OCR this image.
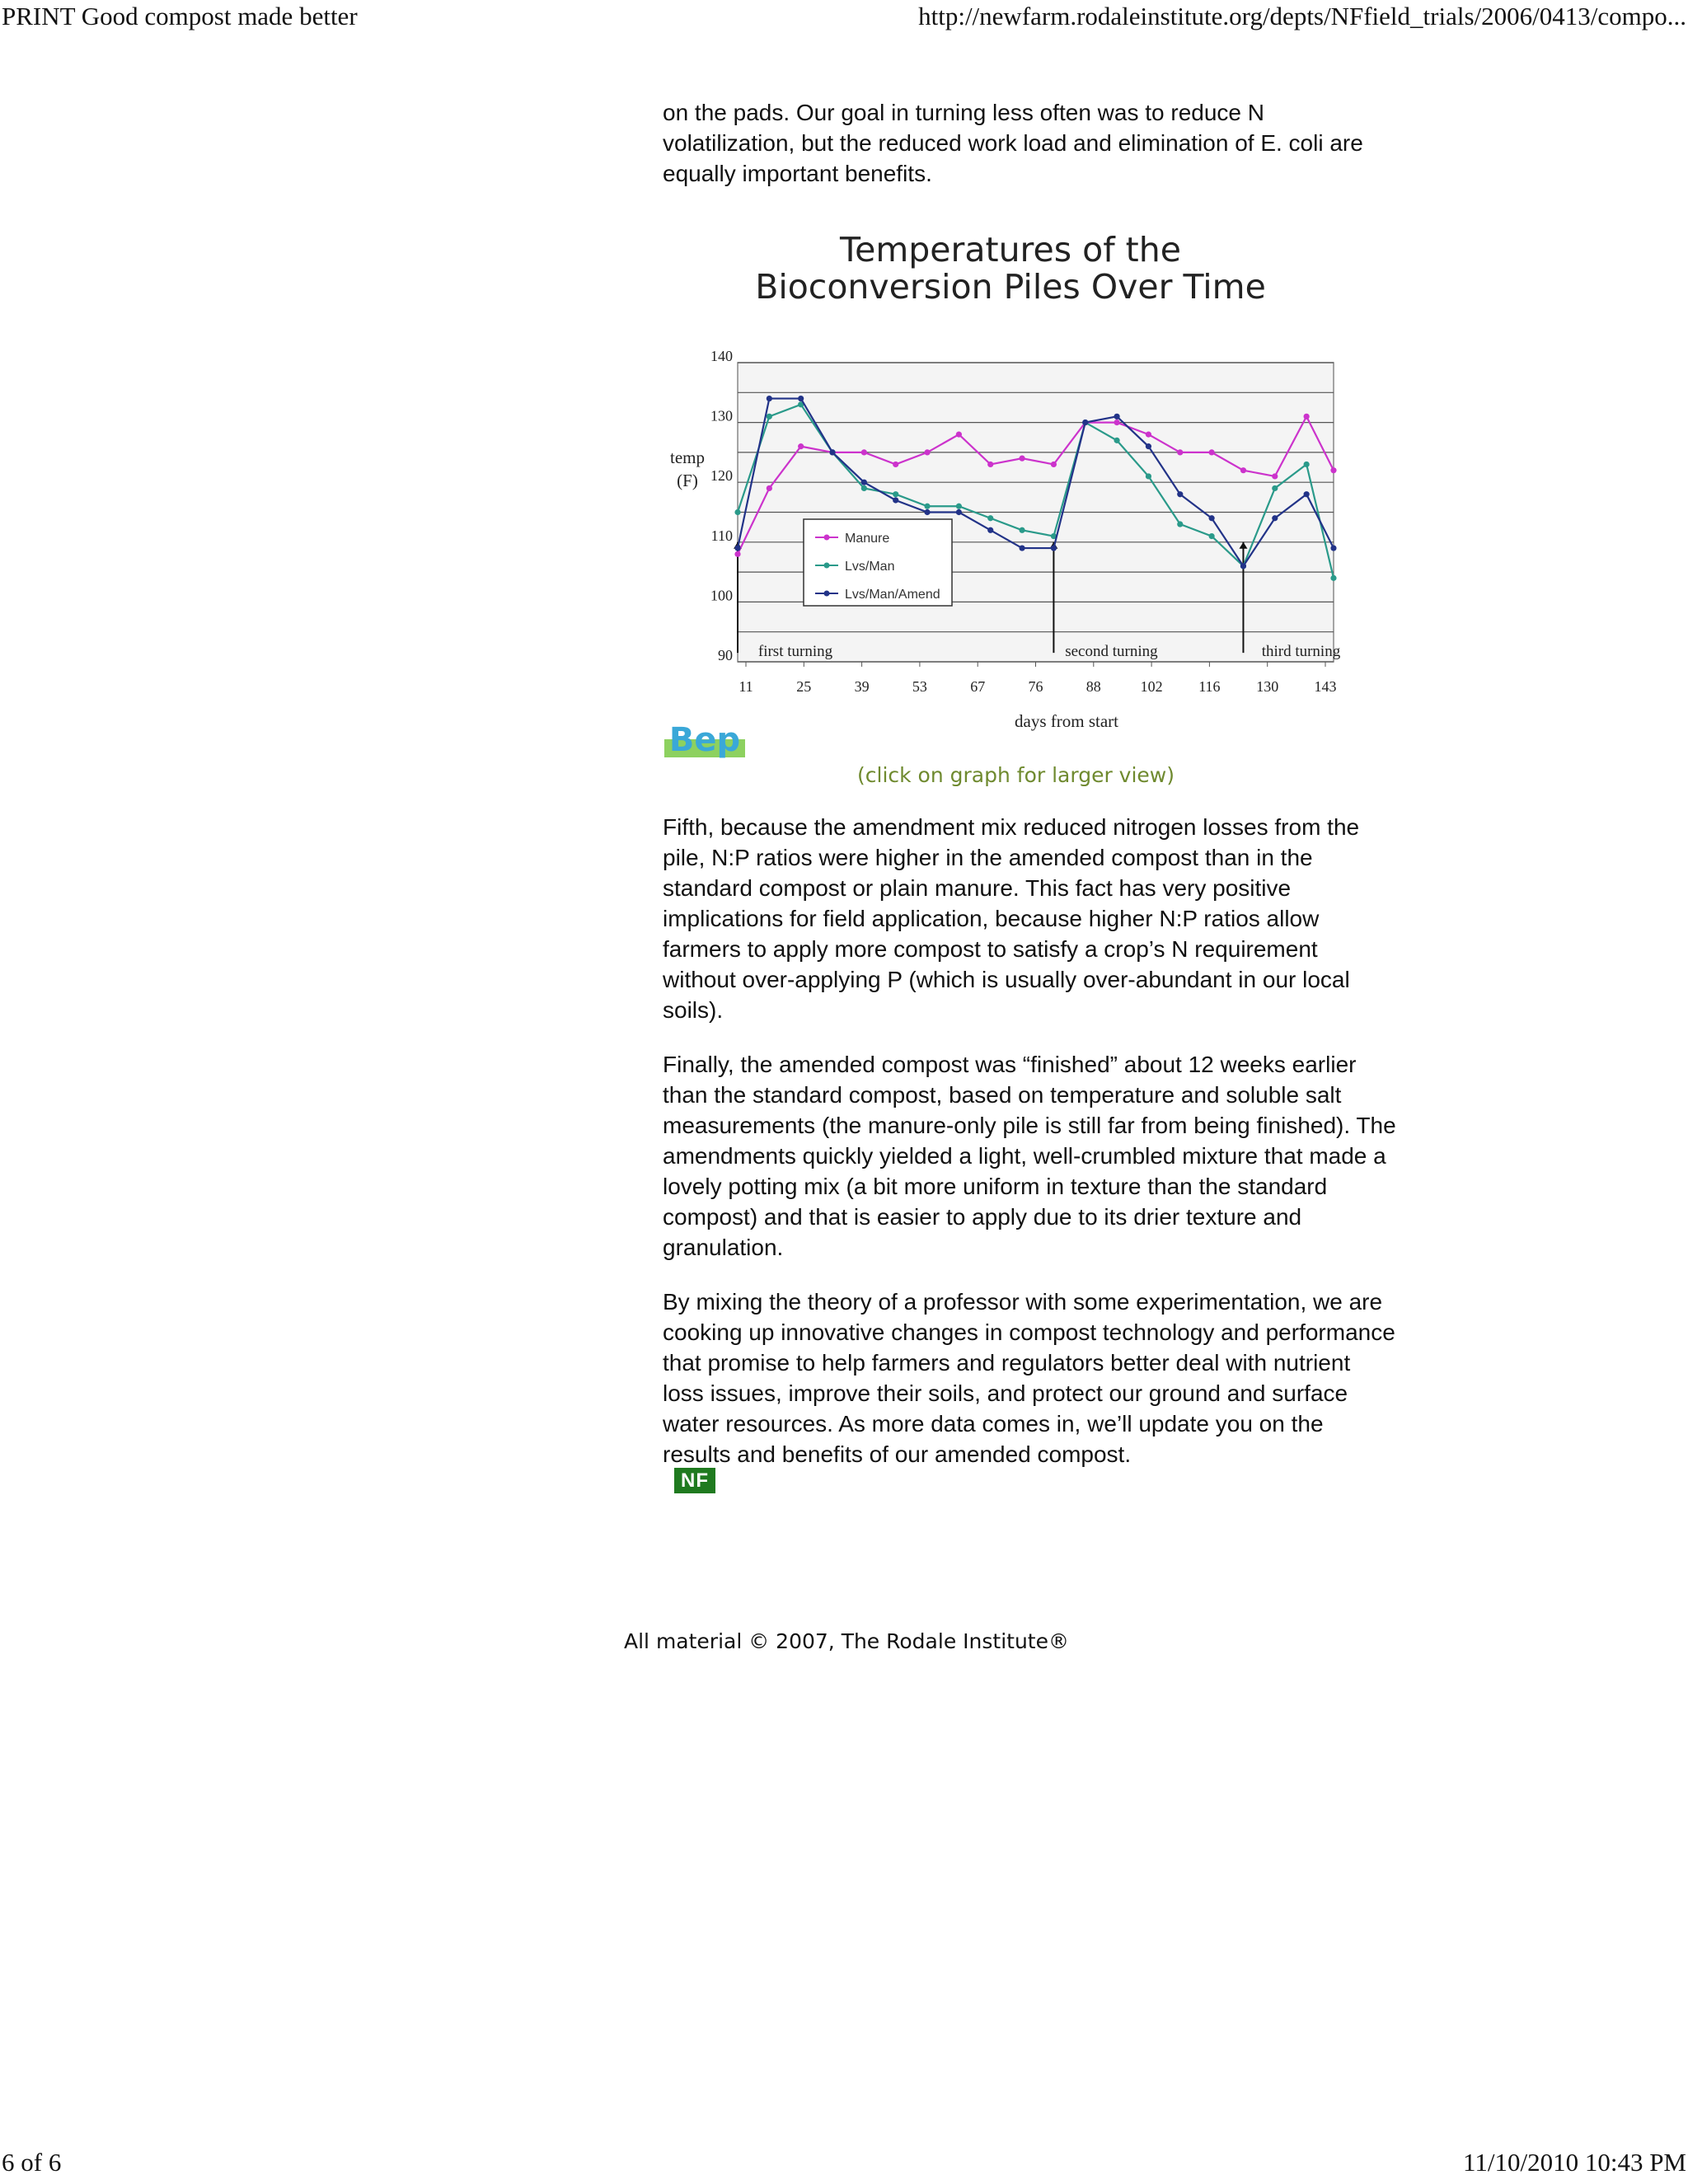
PRINT Good compost made better	http://newfarm.rodaleinstitute.org/depts/NFfield_trials/2006/0413/compo...

on the pads. Our goal in turning less often was to reduce N volatilization, but the reduced work load and elimination of E. coli are equally important benefits.

Temperatures of the
Bioconversion Piles Over Time
90
100
110
120
130
140
11	25	39	53	67	76	88	102 116 130 143
first turning	second turning	third turning
Manure
Lvs/Man
Lvs/Man/Amend
temp
(F)
days from start
Bep
(click on graph for larger view)

Fifth, because the amendment mix reduced nitrogen losses from the pile, N:P ratios were higher in the amended compost than in the standard compost or plain manure. This fact has very positive implications for field application, because higher N:P ratios allow farmers to apply more compost to satisfy a crop’s N requirement without over-applying P (which is usually over-abundant in our local soils).

Finally, the amended compost was “finished” about 12 weeks earlier than the standard compost, based on temperature and soluble salt measurements (the manure-only pile is still far from being finished). The amendments quickly yielded a light, well-crumbled mixture that made a lovely potting mix (a bit more uniform in texture than the standard compost) and that is easier to apply due to its drier texture and granulation.

By mixing the theory of a professor with some experimentation, we are cooking up innovative changes in compost technology and performance that promise to help farmers and regulators better deal with nutrient loss issues, improve their soils, and protect our ground and surface water resources. As more data comes in, we’ll update you on the results and benefits of our amended compost.

NF
All material © 2007, The Rodale Institute®
6 of 6	11/10/2010 10:43 PM
